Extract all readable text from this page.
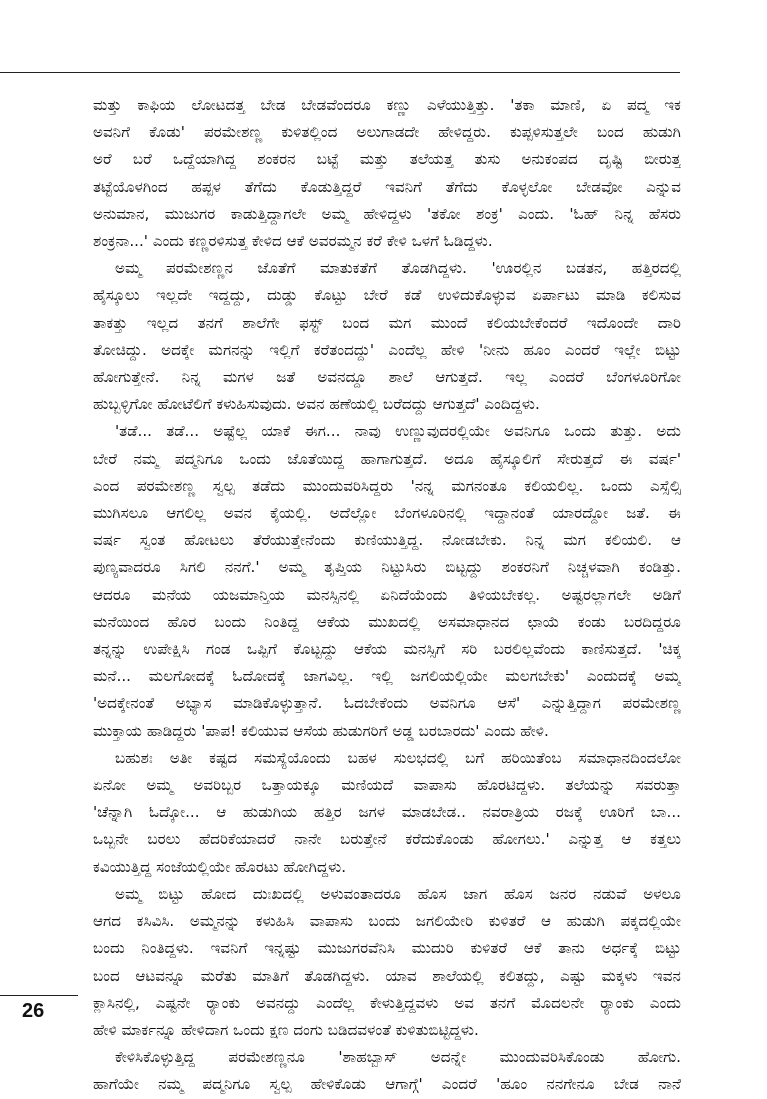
ಮತ್ತು ಕಾಫಿಯ ಲೋಟದತ್ತ ಬೇಡ ಬೇಡವೆಂದರೂ ಕಣ್ಣು ಎಳೆಯುತ್ತಿತ್ತು. 'ತಕಾ ಮಾಣಿ, ಏ ಪದ್ಮ ಇಕ
ಅವನಿಗೆ ಕೊಡು' ಪರಮೇಶಣ್ಣ ಕುಳಿತಲ್ಲಿಂದ ಅಲುಗಾಡದೇ ಹೇಳಿದ್ದರು. ಕುಪ್ಪಳಿಸುತ್ತಲೇ ಬಂದ ಹುಡುಗಿ
ಅರೆ ಬರೆ ಒದ್ದೆಯಾಗಿದ್ದ ಶಂಕರನ ಬಟ್ಟೆ ಮತ್ತು ತಲೆಯತ್ತ ತುಸು ಅನುಕಂಪದ ದೃಷ್ಟಿ ಬೀರುತ್ತ
ತಟ್ಟೆಯೊಳಗಿಂದ ಹಪ್ಪಳ ತೆಗೆದು ಕೊಡುತ್ತಿದ್ದರೆ ಇವನಿಗೆ ತೆಗೆದು ಕೊಳ್ಳಲೋ ಬೇಡವೋ ಎನ್ನುವ
ಅನುಮಾನ, ಮುಜುಗರ ಕಾಡುತ್ತಿದ್ದಾಗಲೇ ಅಮ್ಮ ಹೇಳಿದ್ದಳು 'ತಕೋ ಶಂಕ್ರ' ಎಂದು. 'ಓಹ್ ನಿನ್ನ ಹೆಸರು
ಶಂಕ್ರನಾ...' ಎಂದು ಕಣ್ಣರಳಿಸುತ್ತ ಕೇಳಿದ ಆಕೆ ಅವರಮ್ಮನ ಕರೆ ಕೇಳಿ ಒಳಗೆ ಓಡಿದ್ದಳು.
ಅಮ್ಮ ಪರಮೇಶಣ್ಣನ ಜೊತೆಗೆ ಮಾತುಕತೆಗೆ ತೊಡಗಿದ್ದಳು. 'ಊರಲ್ಲಿನ ಬಡತನ, ಹತ್ತಿರದಲ್ಲಿ
ಹೈಸ್ಕೂಲು ಇಲ್ಲದೇ ಇದ್ದದ್ದು, ದುಡ್ಡು ಕೊಟ್ಟು ಬೇರೆ ಕಡೆ ಉಳಿದುಕೊಳ್ಳುವ ಏರ್ಪಾಟು ಮಾಡಿ ಕಲಿಸುವ
ತಾಕತ್ತು ಇಲ್ಲದ ತನಗೆ ಶಾಲೆಗೇ ಫಸ್ಟ್ ಬಂದ ಮಗ ಮುಂದೆ ಕಲಿಯಬೇಕೆಂದರೆ ಇದೊಂದೇ ದಾರಿ
ತೋಚಿದ್ದು. ಅದಕ್ಕೇ ಮಗನನ್ನು ಇಲ್ಲಿಗೆ ಕರೆತಂದದ್ದು' ಎಂದೆಲ್ಲ ಹೇಳಿ 'ನೀನು ಹೂಂ ಎಂದರೆ ಇಲ್ಲೇ ಬಿಟ್ಟು
ಹೋಗುತ್ತೇನೆ. ನಿನ್ನ ಮಗಳ ಜತೆ ಅವನದ್ದೂ ಶಾಲೆ ಆಗುತ್ತದೆ. ಇಲ್ಲ ಎಂದರೆ ಬೆಂಗಳೂರಿಗೋ
ಹುಬ್ಬಳ್ಳಿಗೋ ಹೋಟೆಲಿಗೆ ಕಳುಹಿಸುವುದು. ಅವನ ಹಣೆಯಲ್ಲಿ ಬರೆದದ್ದು ಆಗುತ್ತದೆ' ಎಂದಿದ್ದಳು.
'ತಡೆ... ತಡೆ... ಅಷ್ಟೆಲ್ಲ ಯಾಕೆ ಈಗ... ನಾವು ಉಣ್ಣುವುದರಲ್ಲಿಯೇ ಅವನಿಗೂ ಒಂದು ತುತ್ತು. ಅದು
ಬೇರೆ ನಮ್ಮ ಪದ್ಮನಿಗೂ ಒಂದು ಜೊತೆಯಿದ್ದ ಹಾಗಾಗುತ್ತದೆ. ಅದೂ ಹೈಸ್ಕೂಲಿಗೆ ಸೇರುತ್ತದೆ ಈ ವರ್ಷ'
ಎಂದ ಪರಮೇಶಣ್ಣ ಸ್ವಲ್ಪ ತಡೆದು ಮುಂದುವರಿಸಿದ್ದರು 'ನನ್ನ ಮಗನಂತೂ ಕಲಿಯಲಿಲ್ಲ. ಒಂದು ಎಸ್ಸೆಲ್ಸಿ
ಮುಗಿಸಲೂ ಆಗಲಿಲ್ಲ ಅವನ ಕೈಯಲ್ಲಿ. ಅದೆಲ್ಲೋ ಬೆಂಗಳೂರಿನಲ್ಲಿ ಇದ್ದಾನಂತೆ ಯಾರದ್ದೋ ಜತೆ. ಈ
ವರ್ಷ ಸ್ವಂತ ಹೋಟಲು ತೆರೆಯುತ್ತೇನೆಂದು ಕುಣಿಯುತ್ತಿದ್ದ. ನೋಡಬೇಕು. ನಿನ್ನ ಮಗ ಕಲಿಯಲಿ. ಆ
ಪುಣ್ಯವಾದರೂ ಸಿಗಲಿ ನನಗೆ.' ಅಮ್ಮ ತೃಪ್ತಿಯ ನಿಟ್ಟುಸಿರು ಬಿಟ್ಟದ್ದು ಶಂಕರನಿಗೆ ನಿಚ್ಚಳವಾಗಿ ಕಂಡಿತ್ತು.
ಆದರೂ ಮನೆಯ ಯಜಮಾನ್ತಿಯ ಮನಸ್ಸಿನಲ್ಲಿ ಏನಿದೆಯೆಂದು ತಿಳಿಯಬೇಕಲ್ಲ. ಅಷ್ಟರಲ್ಲಾಗಲೇ ಅಡಿಗೆ
ಮನೆಯಿಂದ ಹೊರ ಬಂದು ನಿಂತಿದ್ದ ಆಕೆಯ ಮುಖದಲ್ಲಿ ಅಸಮಾಧಾನದ ಛಾಯೆ ಕಂಡು ಬರದಿದ್ದರೂ
ತನ್ನನ್ನು ಉಪೇಕ್ಷಿಸಿ ಗಂಡ ಒಪ್ಪಿಗೆ ಕೊಟ್ಟದ್ದು ಆಕೆಯ ಮನಸ್ಸಿಗೆ ಸರಿ ಬರಲಿಲ್ಲವೆಂದು ಕಾಣಿಸುತ್ತದೆ. 'ಚಿಕ್ಕ
ಮನೆ... ಮಲಗೋದಕ್ಕೆ ಓದೋದಕ್ಕೆ ಜಾಗವಿಲ್ಲ. ಇಲ್ಲಿ ಜಗಲಿಯಲ್ಲಿಯೇ ಮಲಗಬೇಕು' ಎಂದುದಕ್ಕೆ ಅಮ್ಮ
'ಅದಕ್ಕೇನಂತೆ ಅಭ್ಯಾಸ ಮಾಡಿಕೊಳ್ಳುತ್ತಾನೆ. ಓದಬೇಕೆಂದು ಅವನಿಗೂ ಆಸೆ' ಎನ್ನುತ್ತಿದ್ದಾಗ ಪರಮೇಶಣ್ಣ
ಮುಕ್ತಾಯ ಹಾಡಿದ್ದರು 'ಪಾಪ! ಕಲಿಯುವ ಆಸೆಯ ಹುಡುಗರಿಗೆ ಅಡ್ಡ ಬರಬಾರದು' ಎಂದು ಹೇಳಿ.
ಬಹುಶಃ ಅತೀ ಕಷ್ಟದ ಸಮಸ್ಯೆಯೊಂದು ಬಹಳ ಸುಲಭದಲ್ಲಿ ಬಗೆ ಹರಿಯಿತೆಂಬ ಸಮಾಧಾನದಿಂದಲೋ
ಏನೋ ಅಮ್ಮ ಅವರಿಬ್ಬರ ಒತ್ತಾಯಕ್ಕೂ ಮಣಿಯದೆ ವಾಪಾಸು ಹೊರಟಿದ್ದಳು. ತಲೆಯನ್ನು ಸವರುತ್ತಾ
'ಚೆನ್ನಾಗಿ ಓದ್ಕೋ... ಆ ಹುಡುಗಿಯ ಹತ್ತಿರ ಜಗಳ ಮಾಡಬೇಡ.. ನವರಾತ್ರಿಯ ರಜಕ್ಕೆ ಊರಿಗೆ ಬಾ...
ಒಬ್ಬನೇ ಬರಲು ಹೆದರಿಕೆಯಾದರೆ ನಾನೇ ಬರುತ್ತೇನೆ ಕರೆದುಕೊಂಡು ಹೋಗಲು.' ಎನ್ನುತ್ತ ಆ ಕತ್ತಲು
ಕವಿಯುತ್ತಿದ್ದ ಸಂಜೆಯಲ್ಲಿಯೇ ಹೊರಟು ಹೋಗಿದ್ದಳು.
ಅಮ್ಮ ಬಿಟ್ಟು ಹೋದ ದುಃಖದಲ್ಲಿ ಅಳುವಂತಾದರೂ ಹೊಸ ಜಾಗ ಹೊಸ ಜನರ ನಡುವೆ ಅಳಲೂ
ಆಗದ ಕಸಿವಿಸಿ. ಅಮ್ಮನನ್ನು ಕಳುಹಿಸಿ ವಾಪಾಸು ಬಂದು ಜಗಲಿಯೇರಿ ಕುಳಿತರೆ ಆ ಹುಡುಗಿ ಪಕ್ಕದಲ್ಲಿಯೇ
ಬಂದು ನಿಂತಿದ್ದಳು. ಇವನಿಗೆ ಇನ್ನಷ್ಟು ಮುಜುಗರವೆನಿಸಿ ಮುದುರಿ ಕುಳಿತರೆ ಆಕೆ ತಾನು ಅರ್ಧಕ್ಕೆ ಬಿಟ್ಟು
ಬಂದ ಆಟವನ್ನೂ ಮರೆತು ಮಾತಿಗೆ ತೊಡಗಿದ್ದಳು. ಯಾವ ಶಾಲೆಯಲ್ಲಿ ಕಲಿತದ್ದು, ಎಷ್ಟು ಮಕ್ಕಳು ಇವನ
ಕ್ಲಾಸಿನಲ್ಲಿ, ಎಷ್ಟನೇ ರ್‍ಯಾಂಕು ಅವನದ್ದು ಎಂದೆಲ್ಲ ಕೇಳುತ್ತಿದ್ದವಳು ಅವ ತನಗೆ ಮೊದಲನೇ ರ್‍ಯಾಂಕು ಎಂದು
ಹೇಳಿ ಮಾರ್ಕನ್ನೂ ಹೇಳಿದಾಗ ಒಂದು ಕ್ಷಣ ದಂಗು ಬಡಿದವಳಂತೆ ಕುಳಿತುಬಿಟ್ಟಿದ್ದಳು.
ಕೇಳಿಸಿಕೊಳ್ಳುತ್ತಿದ್ದ ಪರಮೇಶಣ್ಣನೂ 'ಶಾಹಬ್ಬಾಸ್ ಅದನ್ನೇ ಮುಂದುವರಿಸಿಕೊಂಡು ಹೋಗು.
ಹಾಗೆಯೇ ನಮ್ಮ ಪದ್ಮನಿಗೂ ಸ್ವಲ್ಪ ಹೇಳಿಕೊಡು ಆಗಾಗ್ಗೆ' ಎಂದರೆ 'ಹೂಂ ನನಗೇನೂ ಬೇಡ ನಾನೆ
26
